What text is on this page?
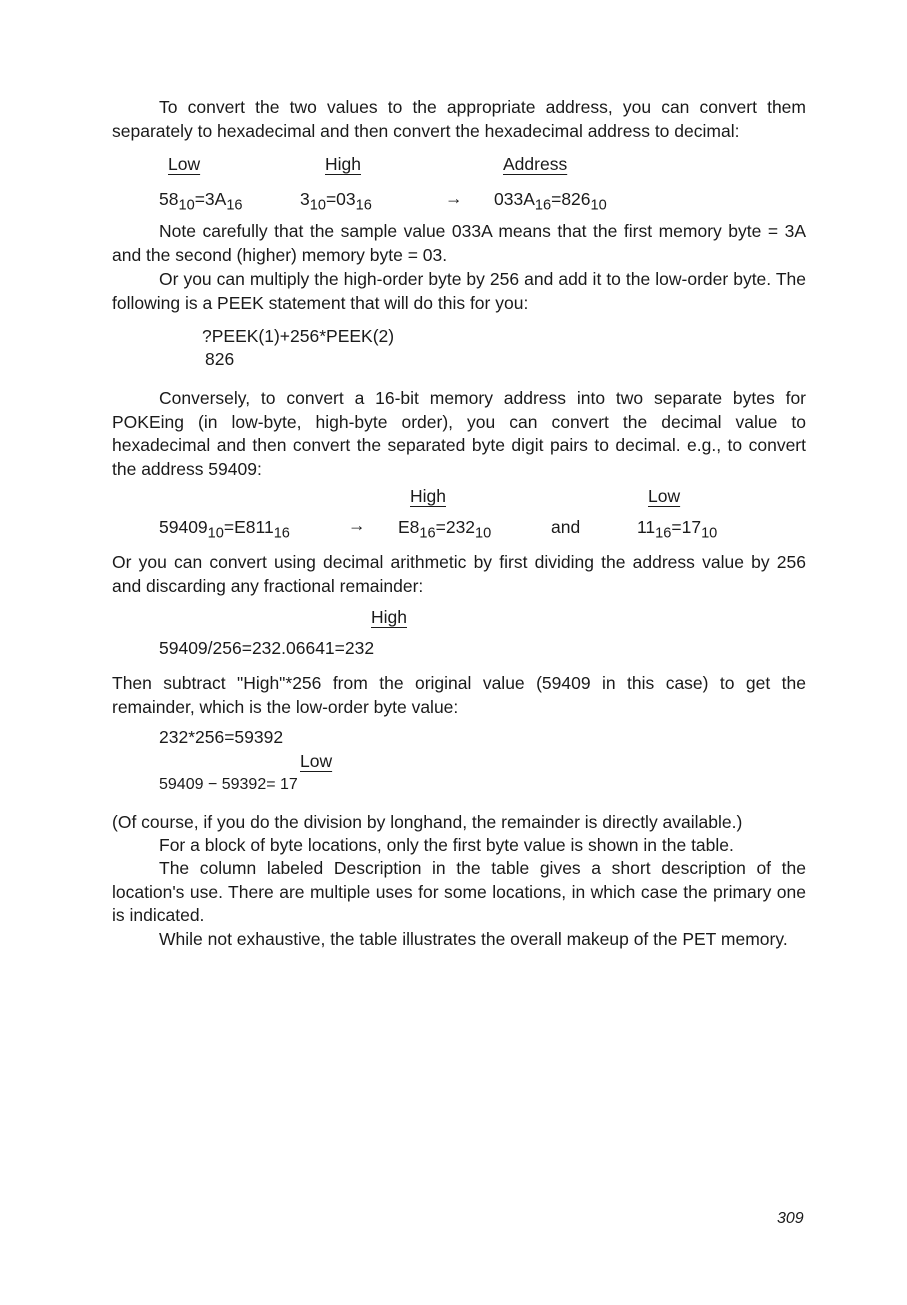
To convert the two values to the appropriate address, you can convert them separately to hexadecimal and then convert the hexadecimal address to decimal:
Low	High	Address
$58_{10}=3A_{16}$	$3_{10}=03_{16}$	→ $033A_{16}=826_{10}$
Note carefully that the sample value 033A means that the first memory byte = 3A and the second (higher) memory byte = 03.
Or you can multiply the high-order byte by 256 and add it to the low-order byte. The following is a PEEK statement that will do this for you:
?PEEK(1)+256*PEEK(2)
826
Conversely, to convert a 16-bit memory address into two separate bytes for POKEing (in low-byte, high-byte order), you can convert the decimal value to hexadecimal and then convert the separated byte digit pairs to decimal. e.g., to convert the address 59409:
High	Low
$59409_{10}=E811_{16}$	→ $E8_{16}=232_{10}$	and	$11_{16}=17_{10}$
Or you can convert using decimal arithmetic by first dividing the address value by 256 and discarding any fractional remainder:
High
59409/256=232.06641=232
Then subtract "High"*256 from the original value (59409 in this case) to get the remainder, which is the low-order byte value:
232*256=59392
Low
59409 − 59392= 17
(Of course, if you do the division by longhand, the remainder is directly available.)
For a block of byte locations, only the first byte value is shown in the table.
The column labeled Description in the table gives a short description of the location's use. There are multiple uses for some locations, in which case the primary one is indicated.
While not exhaustive, the table illustrates the overall makeup of the PET memory.
309
